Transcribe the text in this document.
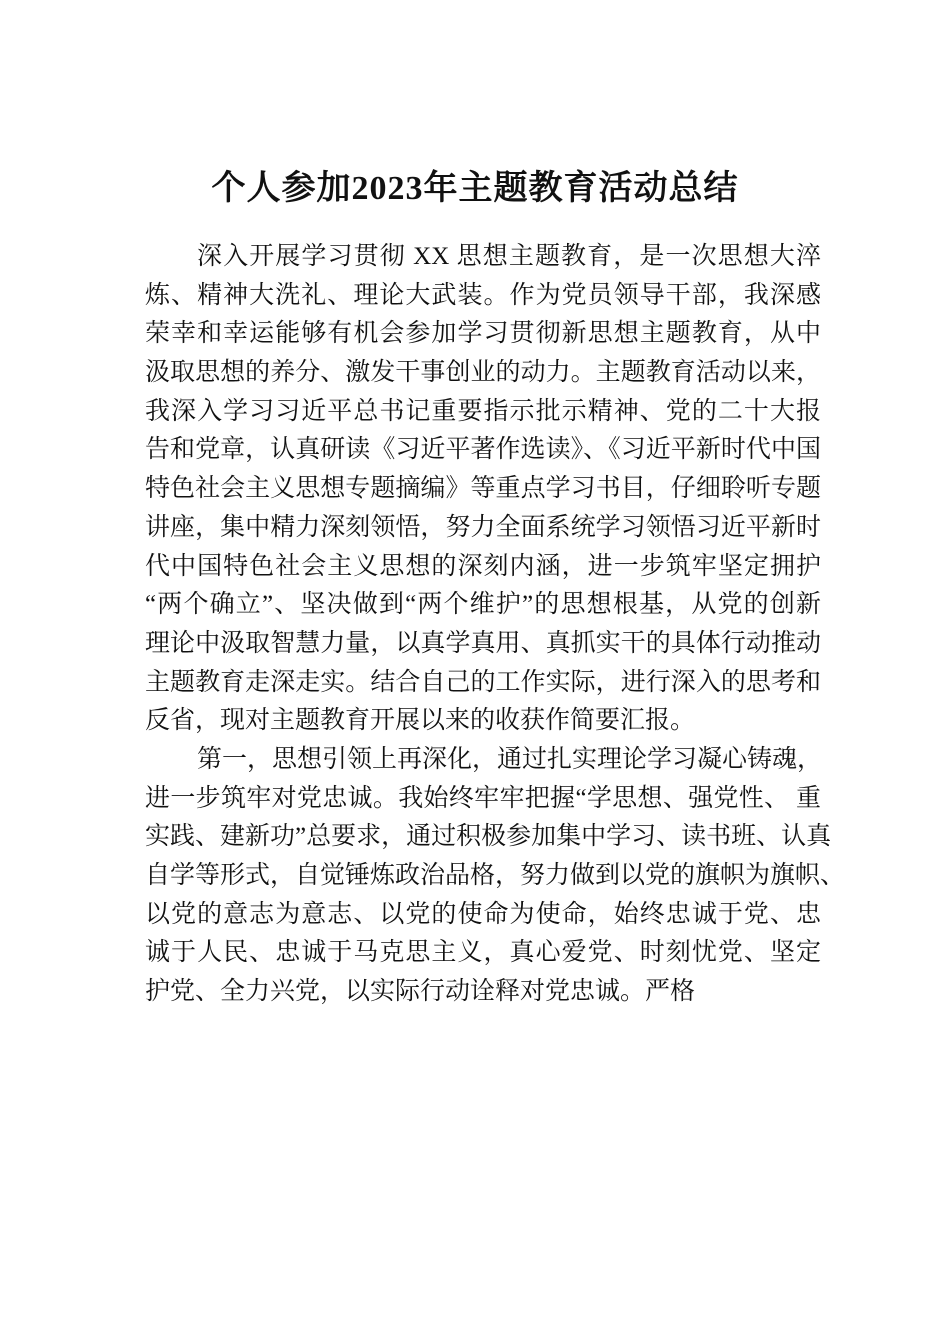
个人参加2023年主题教育活动总结
深入开展学习贯彻 XX 思想主题教育，是一次思想大淬
炼、精神大洗礼、理论大武装。作为党员领导干部，我深感
荣幸和幸运能够有机会参加学习贯彻新思想主题教育，从中
汲取思想的养分、激发干事创业的动力。主题教育活动以来，
我深入学习习近平总书记重要指示批示精神、党的二十大报
告和党章，认真研读《习近平著作选读》、《习近平新时代中国
特色社会主义思想专题摘编》等重点学习书目，仔细聆听专题
讲座，集中精力深刻领悟，努力全面系统学习领悟习近平新时
代中国特色社会主义思想的深刻内涵，进一步筑牢坚定拥护
“两个确立”、坚决做到“两个维护”的思想根基，从党的创新
理论中汲取智慧力量，以真学真用、真抓实干的具体行动推动
主题教育走深走实。结合自己的工作实际，进行深入的思考和
反省，现对主题教育开展以来的收获作简要汇报。
第一，思想引领上再深化，通过扎实理论学习凝心铸魂，
进一步筑牢对党忠诚。我始终牢牢把握“学思想、强党性、 重
实践、建新功”总要求，通过积极参加集中学习、读书班、认真
自学等形式，自觉锤炼政治品格，努力做到以党的旗帜为旗帜、
以党的意志为意志、以党的使命为使命，始终忠诚于党、忠
诚于人民、忠诚于马克思主义，真心爱党、时刻忧党、坚定
护党、全力兴党，以实际行动诠释对党忠诚。严格
